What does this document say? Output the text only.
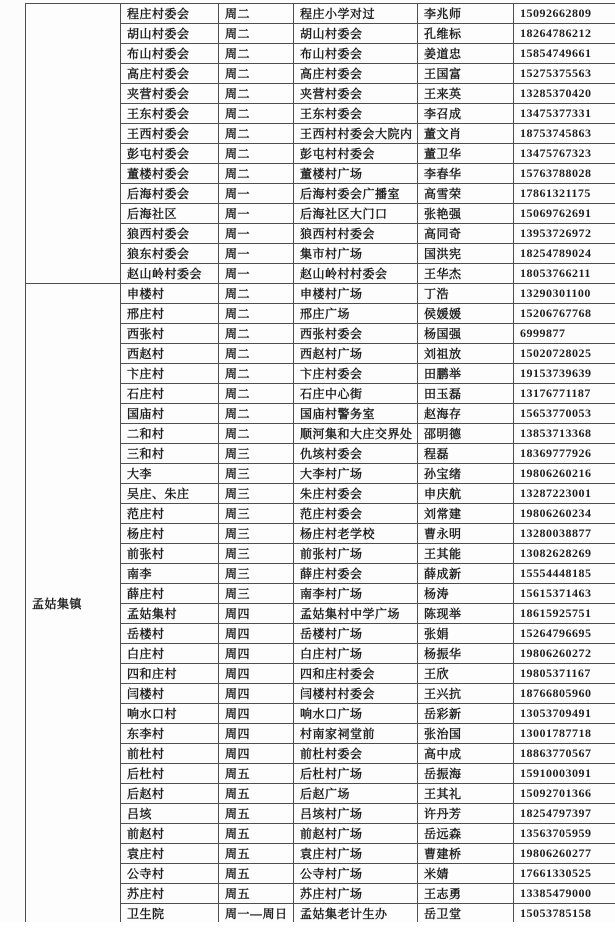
	程庄村委会	周二	程庄小学对过	李兆师	15092662809
	胡山村委会	周二	胡山村委会	孔维标	18264786212
	布山村委会	周二	布山村委会	姜道忠	15854749661
	高庄村委会	周二	高庄村委会	王国富	15275375563
	夹营村委会	周二	夹营村委会	王来英	13285370420
	王东村委会	周二	王东村委会	李召成	13475377331
	王西村委会	周二	王西村村委会大院内	董文肖	18753745863
	彭屯村委会	周二	彭屯村村委会	董卫华	13475767323
	董楼村委会	周二	董楼村广场	李春华	15763788028
	后海村委会	周一	后海村委会广播室	高雪荣	17861321175
	后海社区	周一	后海社区大门口	张艳强	15069762691
	狼西村委会	周一	狼西村村委会	高同奇	13953726972
	狼东村委会	周一	集市村广场	国洪宪	18254789024
	赵山岭村委会	周一	赵山岭村村委会	王华杰	18053766211
孟姑集镇	申楼村	周二	申楼村广场	丁浩	13290301100
	邢庄村	周二	邢庄广场	侯媛媛	15206767768
	西张村	周二	西张村委会	杨国强	6999877
	西赵村	周二	西赵村广场	刘祖放	15020728025
	卞庄村	周二	卞庄村委会	田鹏举	19153739639
	石庄村	周二	石庄中心街	田玉磊	13176771187
	国庙村	周二	国庙村警务室	赵海存	15653770053
	二和村	周二	顺河集和大庄交界处	邵明德	13853713368
	三和村	周三	仇垓村委会	程磊	18369777926
	大李	周三	大李村广场	孙宝绪	19806260216
	吴庄、朱庄	周三	朱庄村委会	申庆航	13287223001
	范庄村	周三	范庄村委会	刘常建	19806260234
	杨庄村	周三	杨庄村老学校	曹永明	13280038877
	前张村	周三	前张村广场	王其能	13082628269
	南李	周三	薛庄村委会	薛成新	15554448185
	薛庄村	周三	南李村广场	杨涛	15615371463
	孟姑集村	周四	孟姑集村中学广场	陈现举	18615925751
	岳楼村	周四	岳楼村广场	张娟	15264796695
	白庄村	周四	白庄村广场	杨振华	19806260272
	四和庄村	周四	四和庄村委会	王欣	19805371167
	闫楼村	周四	闫楼村村委会	王兴抗	18766805960
	响水口村	周四	响水口广场	岳彩新	13053709491
	东李村	周四	村南家祠堂前	张治国	13001787718
	前杜村	周四	前杜村委会	高中成	18863770567
	后杜村	周五	后杜村广场	岳振海	15910003091
	后赵村	周五	后赵广场	王其礼	15092701366
	吕垓	周五	吕垓村广场	许丹芳	18254797397
	前赵村	周五	前赵村广场	岳远森	13563705959
	袁庄村	周五	袁庄村广场	曹建桥	19806260277
	公寺村	周五	公寺村广场	米婧	17661330525
	苏庄村	周五	苏庄村广场	王志勇	13385479000
	卫生院	周一—周日	孟姑集老计生办	岳卫堂	15053785158
